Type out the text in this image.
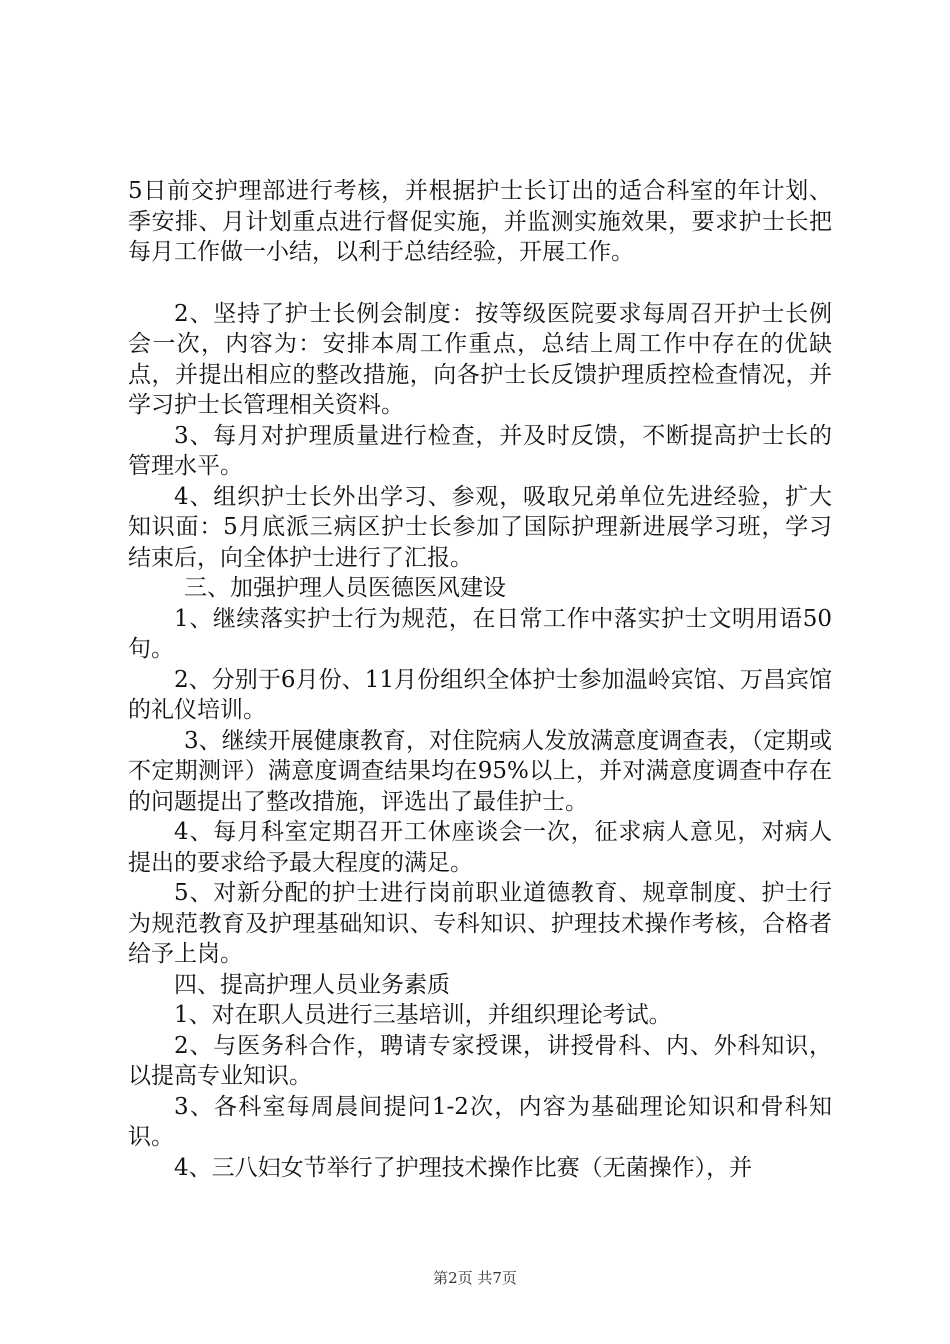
5日前交护理部进行考核，并根据护士长订出的适合科室的年计划、季安排、月计划重点进行督促实施，并监测实施效果，要求护士长把每月工作做一小结，以利于总结经验，开展工作。

2、坚持了护士长例会制度：按等级医院要求每周召开护士长例会一次，内容为：安排本周工作重点，总结上周工作中存在的优缺点，并提出相应的整改措施，向各护士长反馈护理质控检查情况，并学习护士长管理相关资料。

3、每月对护理质量进行检查，并及时反馈，不断提高护士长的管理水平。

4、组织护士长外出学习、参观，吸取兄弟单位先进经验，扩大知识面：5月底派三病区护士长参加了国际护理新进展学习班，学习结束后，向全体护士进行了汇报。

三、加强护理人员医德医风建设

1、继续落实护士行为规范，在日常工作中落实护士文明用语50句。

2、分别于6月份、11月份组织全体护士参加温岭宾馆、万昌宾馆的礼仪培训。

3、继续开展健康教育，对住院病人发放满意度调查表，（定期或不定期测评）满意度调查结果均在95%以上，并对满意度调查中存在的问题提出了整改措施，评选出了最佳护士。

4、每月科室定期召开工休座谈会一次，征求病人意见，对病人提出的要求给予最大程度的满足。

5、对新分配的护士进行岗前职业道德教育、规章制度、护士行为规范教育及护理基础知识、专科知识、护理技术操作考核，合格者给予上岗。

四、提高护理人员业务素质

1、对在职人员进行三基培训，并组织理论考试。

2、与医务科合作，聘请专家授课，讲授骨科、内、外科知识，以提高专业知识。

3、各科室每周晨间提问1-2次，内容为基础理论知识和骨科知识。

4、三八妇女节举行了护理技术操作比赛（无菌操作），并

第2页 共7页
